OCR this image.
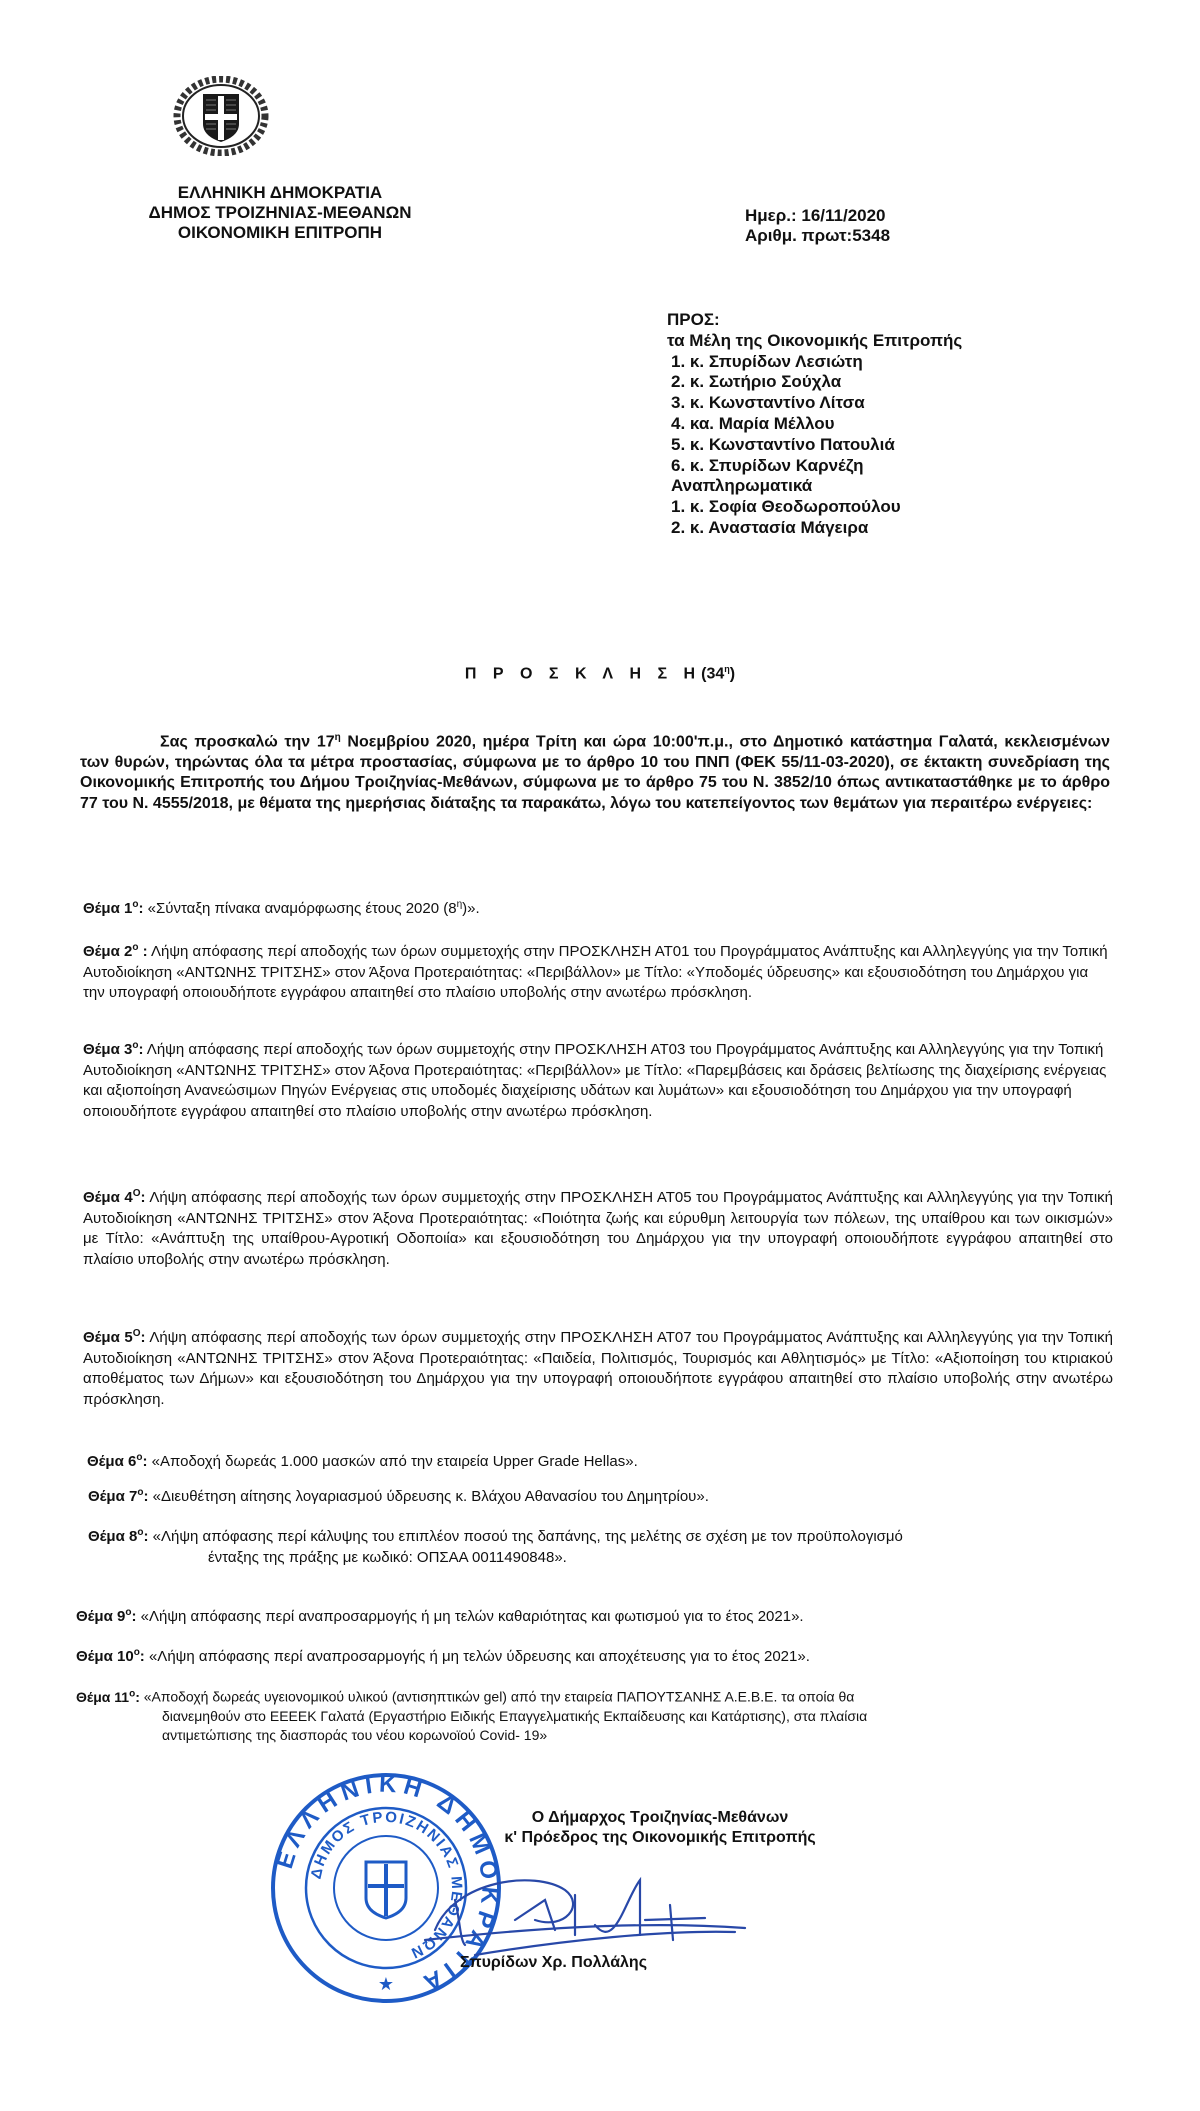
ΕΛΛΗΝΙΚΗ ΔΗΜΟΚΡΑΤΙΑ
ΔΗΜΟΣ ΤΡΟΙΖΗΝΙΑΣ-ΜΕΘΑΝΩΝ
ΟΙΚΟΝΟΜΙΚΗ ΕΠΙΤΡΟΠΗ
Ημερ.: 16/11/2020
Αριθμ. πρωτ:5348
ΠΡΟΣ:
τα Μέλη της Οικονομικής Επιτροπής
1. κ. Σπυρίδων Λεσιώτη
2. κ. Σωτήριο Σούχλα
3. κ. Κωνσταντίνο Λίτσα
4. κα. Μαρία Μέλλου
5. κ. Κωνσταντίνο Πατουλιά
6. κ. Σπυρίδων Καρνέζη
Αναπληρωματικά
1. κ. Σοφία Θεοδωροπούλου
2. κ. Αναστασία Μάγειρα
Π Ρ Ο Σ Κ Λ Η Σ $H(34^\eta)$
Σας προσκαλώ την $17^\eta$ Νοεμβρίου 2020, ημέρα Τρίτη και ώρα 10:00'π.μ., στο Δημοτικό κατάστημα Γαλατά, κεκλεισμένων των θυρών, τηρώντας όλα τα μέτρα προστασίας, σύμφωνα με το άρθρο 10 του ΠΝΠ (ΦΕΚ 55/11-03-2020), σε έκτακτη συνεδρίαση της Οικονομικής Επιτροπής του Δήμου Τροιζηνίας-Μεθάνων, σύμφωνα με το άρθρο 75 του Ν. 3852/10 όπως αντικαταστάθηκε με το άρθρο 77 του Ν. 4555/2018, με θέματα της ημερήσιας διάταξης τα παρακάτω, λόγω του κατεπείγοντος των θεμάτων για περαιτέρω ενέργειες:
Θέμα $1^o$: «Σύνταξη πίνακα αναμόρφωσης έτους 2020 $(8^\eta)$».
Θέμα $2^o$ : Λήψη απόφασης περί αποδοχής των όρων συμμετοχής στην ΠΡΟΣΚΛΗΣΗ ΑΤ01 του Προγράμματος Ανάπτυξης και Αλληλεγγύης για την Τοπική Αυτοδιοίκηση «ΑΝΤΩΝΗΣ ΤΡΙΤΣΗΣ» στον Άξονα Προτεραιότητας: «Περιβάλλον» με Τίτλο: «Υποδομές ύδρευσης» και εξουσιοδότηση του Δημάρχου για την υπογραφή οποιουδήποτε εγγράφου απαιτηθεί στο πλαίσιο υποβολής στην ανωτέρω πρόσκληση.
Θέμα $3^o$: Λήψη απόφασης περί αποδοχής των όρων συμμετοχής στην ΠΡΟΣΚΛΗΣΗ ΑΤ03 του Προγράμματος Ανάπτυξης και Αλληλεγγύης για την Τοπική Αυτοδιοίκηση «ΑΝΤΩΝΗΣ ΤΡΙΤΣΗΣ» στον Άξονα Προτεραιότητας: «Περιβάλλον» με Τίτλο: «Παρεμβάσεις και δράσεις βελτίωσης της διαχείρισης ενέργειας και αξιοποίηση Ανανεώσιμων Πηγών Ενέργειας στις υποδομές διαχείρισης υδάτων και λυμάτων» και εξουσιοδότηση του Δημάρχου για την υπογραφή οποιουδήποτε εγγράφου απαιτηθεί στο πλαίσιο υποβολής στην ανωτέρω πρόσκληση.
Θέμα $4^O$: Λήψη απόφασης περί αποδοχής των όρων συμμετοχής στην ΠΡΟΣΚΛΗΣΗ ΑΤ05 του Προγράμματος Ανάπτυξης και Αλληλεγγύης για την Τοπική Αυτοδιοίκηση «ΑΝΤΩΝΗΣ ΤΡΙΤΣΗΣ» στον Άξονα Προτεραιότητας: «Ποιότητα ζωής και εύρυθμη λειτουργία των πόλεων, της υπαίθρου και των οικισμών» με Τίτλο: «Ανάπτυξη της υπαίθρου-Αγροτική Οδοποιία» και εξουσιοδότηση του Δημάρχου για την υπογραφή οποιουδήποτε εγγράφου απαιτηθεί στο πλαίσιο υποβολής στην ανωτέρω πρόσκληση.
Θέμα $5^O$: Λήψη απόφασης περί αποδοχής των όρων συμμετοχής στην ΠΡΟΣΚΛΗΣΗ ΑΤ07 του Προγράμματος Ανάπτυξης και Αλληλεγγύης για την Τοπική Αυτοδιοίκηση «ΑΝΤΩΝΗΣ ΤΡΙΤΣΗΣ» στον Άξονα Προτεραιότητας: «Παιδεία, Πολιτισμός, Τουρισμός και Αθλητισμός» με Τίτλο: «Αξιοποίηση του κτιριακού αποθέματος των Δήμων» και εξουσιοδότηση του Δημάρχου για την υπογραφή οποιουδήποτε εγγράφου απαιτηθεί στο πλαίσιο υποβολής στην ανωτέρω πρόσκληση.
Θέμα $6^o$: «Αποδοχή δωρεάς 1.000 μασκών από την εταιρεία Upper Grade Hellas».
Θέμα $7^o$: «Διευθέτηση αίτησης λογαριασμού ύδρευσης κ. Βλάχου Αθανασίου του Δημητρίου».
Θέμα $8^o$: «Λήψη απόφασης περί κάλυψης του επιπλέον ποσού της δαπάνης, της μελέτης σε σχέση με τον προϋπολογισμό
ένταξης της πράξης με κωδικό: ΟΠΣΑΑ 0011490848».
Θέμα $9^o$: «Λήψη απόφασης περί αναπροσαρμογής ή μη τελών καθαριότητας και φωτισμού για το έτος 2021».
Θέμα $10^o$: «Λήψη απόφασης περί αναπροσαρμογής ή μη τελών ύδρευσης και αποχέτευσης για το έτος 2021».
Θέμα $11^o$: «Αποδοχή δωρεάς υγειονομικού υλικού (αντισηπτικών gel) από την εταιρεία ΠΑΠΟΥΤΣΑΝΗΣ Α.Ε.Β.Ε. τα οποία θα
διανεμηθούν στο ΕΕΕΕΚ Γαλατά (Εργαστήριο Ειδικής Επαγγελματικής Εκπαίδευσης και Κατάρτισης), στα πλαίσια
αντιμετώπισης της διασποράς του νέου κορωνοϊού Covid- 19»
ΕΛΛΗΝΙΚΗ ΔΗΜΟΚΡΑΤΙΑ
ΔΗΜΟΣ ΤΡΟΙΖΗΝΙΑΣ ΜΕΘΑΝΩΝ
★
Ο Δήμαρχος Τροιζηνίας-Μεθάνων
κ' Πρόεδρος της Οικονομικής Επιτροπής
Σπυρίδων Χρ. Πολλάλης
